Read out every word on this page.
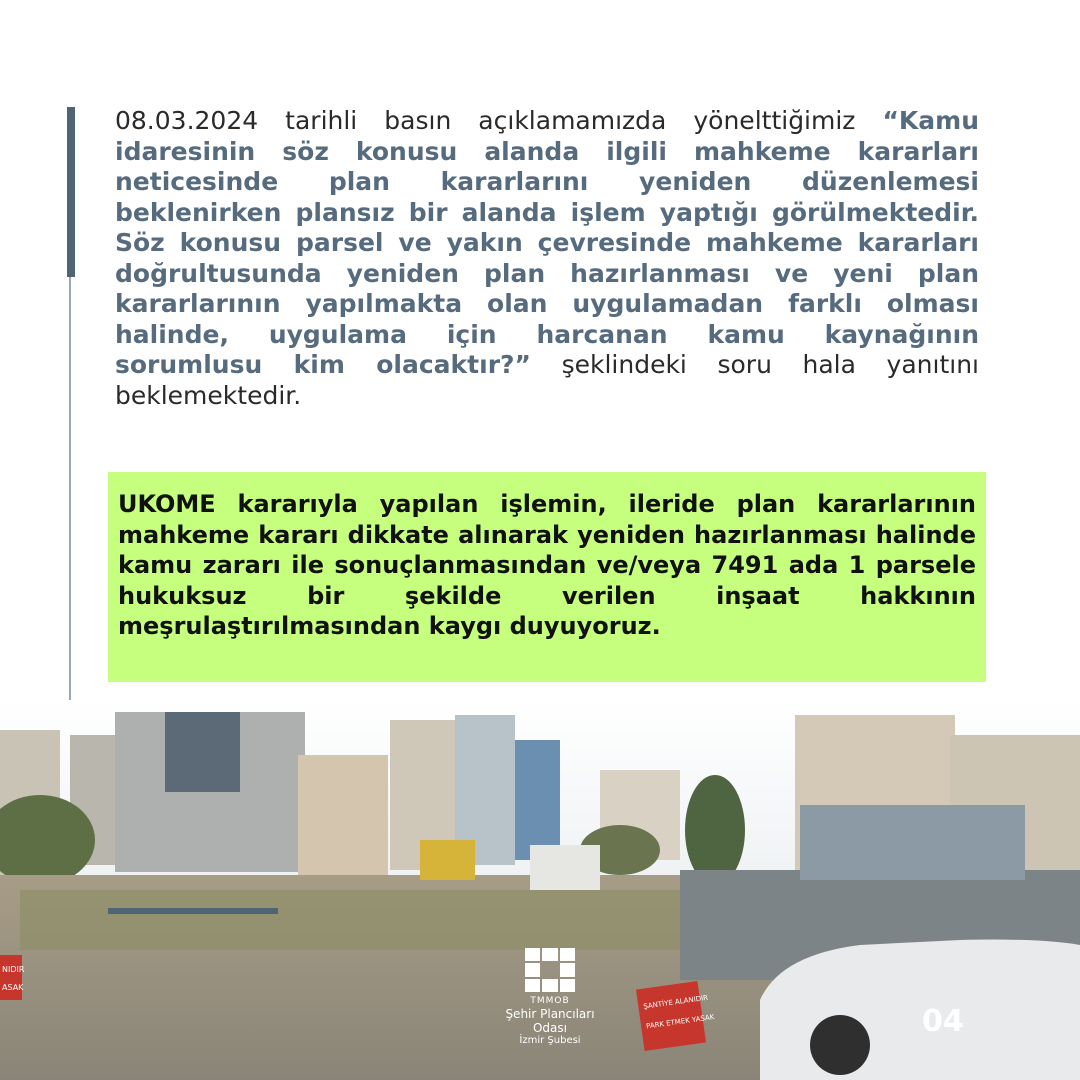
08.03.2024 tarihli basın açıklamamızda yönelttiğimiz “Kamu idaresinin söz konusu alanda ilgili mahkeme kararları neticesinde plan kararlarını yeniden düzenlemesi beklenirken plansız bir alanda işlem yaptığı görülmektedir. Söz konusu parsel ve yakın çevresinde mahkeme kararları doğrultusunda yeniden plan hazırlanması ve yeni plan kararlarının yapılmakta olan uygulamadan farklı olması halinde, uygulama için harcanan kamu kaynağının sorumlusu kim olacaktır?” şeklindeki soru hala yanıtını beklemektedir.

UKOME kararıyla yapılan işlemin, ileride plan kararlarının mahkeme kararı dikkate alınarak yeniden hazırlanması halinde kamu zararı ile sonuçlanmasından ve/veya 7491 ada 1 parsele hukuksuz bir şekilde verilen inşaat hakkının meşrulaştırılmasından kaygı duyuyoruz.

NIDIR
ASAK
ŞANTİYE ALANIDIR
PARK ETMEK YASAK
TMMOB
Şehir Plancıları Odası
İzmir Şubesi
04
